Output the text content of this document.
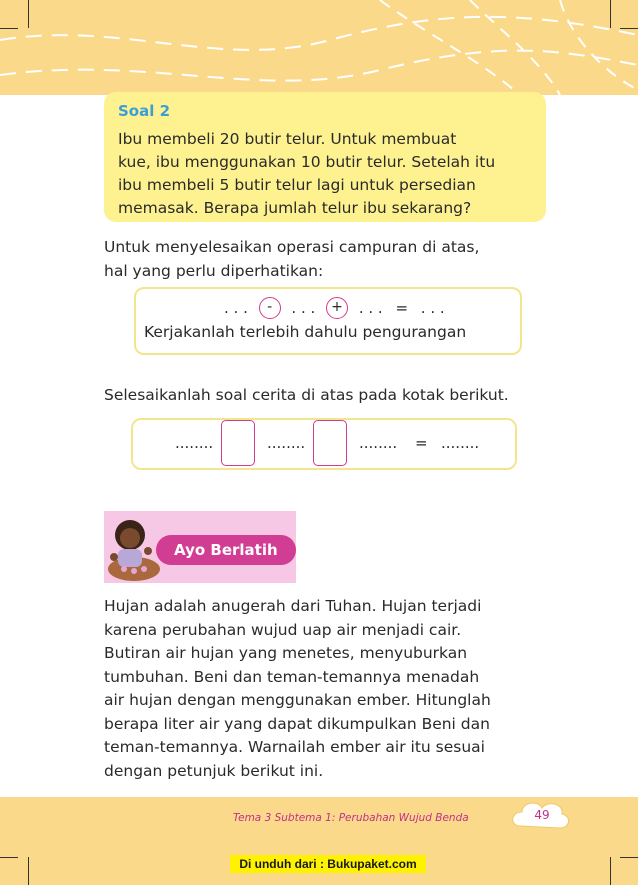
Soal 2
Ibu membeli 20 butir telur. Untuk membuat
kue, ibu menggunakan 10 butir telur. Setelah itu
ibu membeli 5 butir telur lagi untuk persedian
memasak. Berapa jumlah telur ibu sekarang?
Untuk menyelesaikan operasi campuran di atas,
hal yang perlu diperhatikan:
. . . - . . . + . . . = . . .
Kerjakanlah terlebih dahulu pengurangan
Selesaikanlah soal cerita di atas pada kotak berikut.
........	........	........ = ........
Ayo Berlatih
Hujan adalah anugerah dari Tuhan. Hujan terjadi
karena perubahan wujud uap air menjadi cair.
Butiran air hujan yang menetes, menyuburkan
tumbuhan. Beni dan teman-temannya menadah
air hujan dengan menggunakan ember. Hitunglah
berapa liter air yang dapat dikumpulkan Beni dan
teman-temannya. Warnailah ember air itu sesuai
dengan petunjuk berikut ini.
Tema 3 Subtema 1: Perubahan Wujud Benda	49
Di unduh dari : Bukupaket.com
